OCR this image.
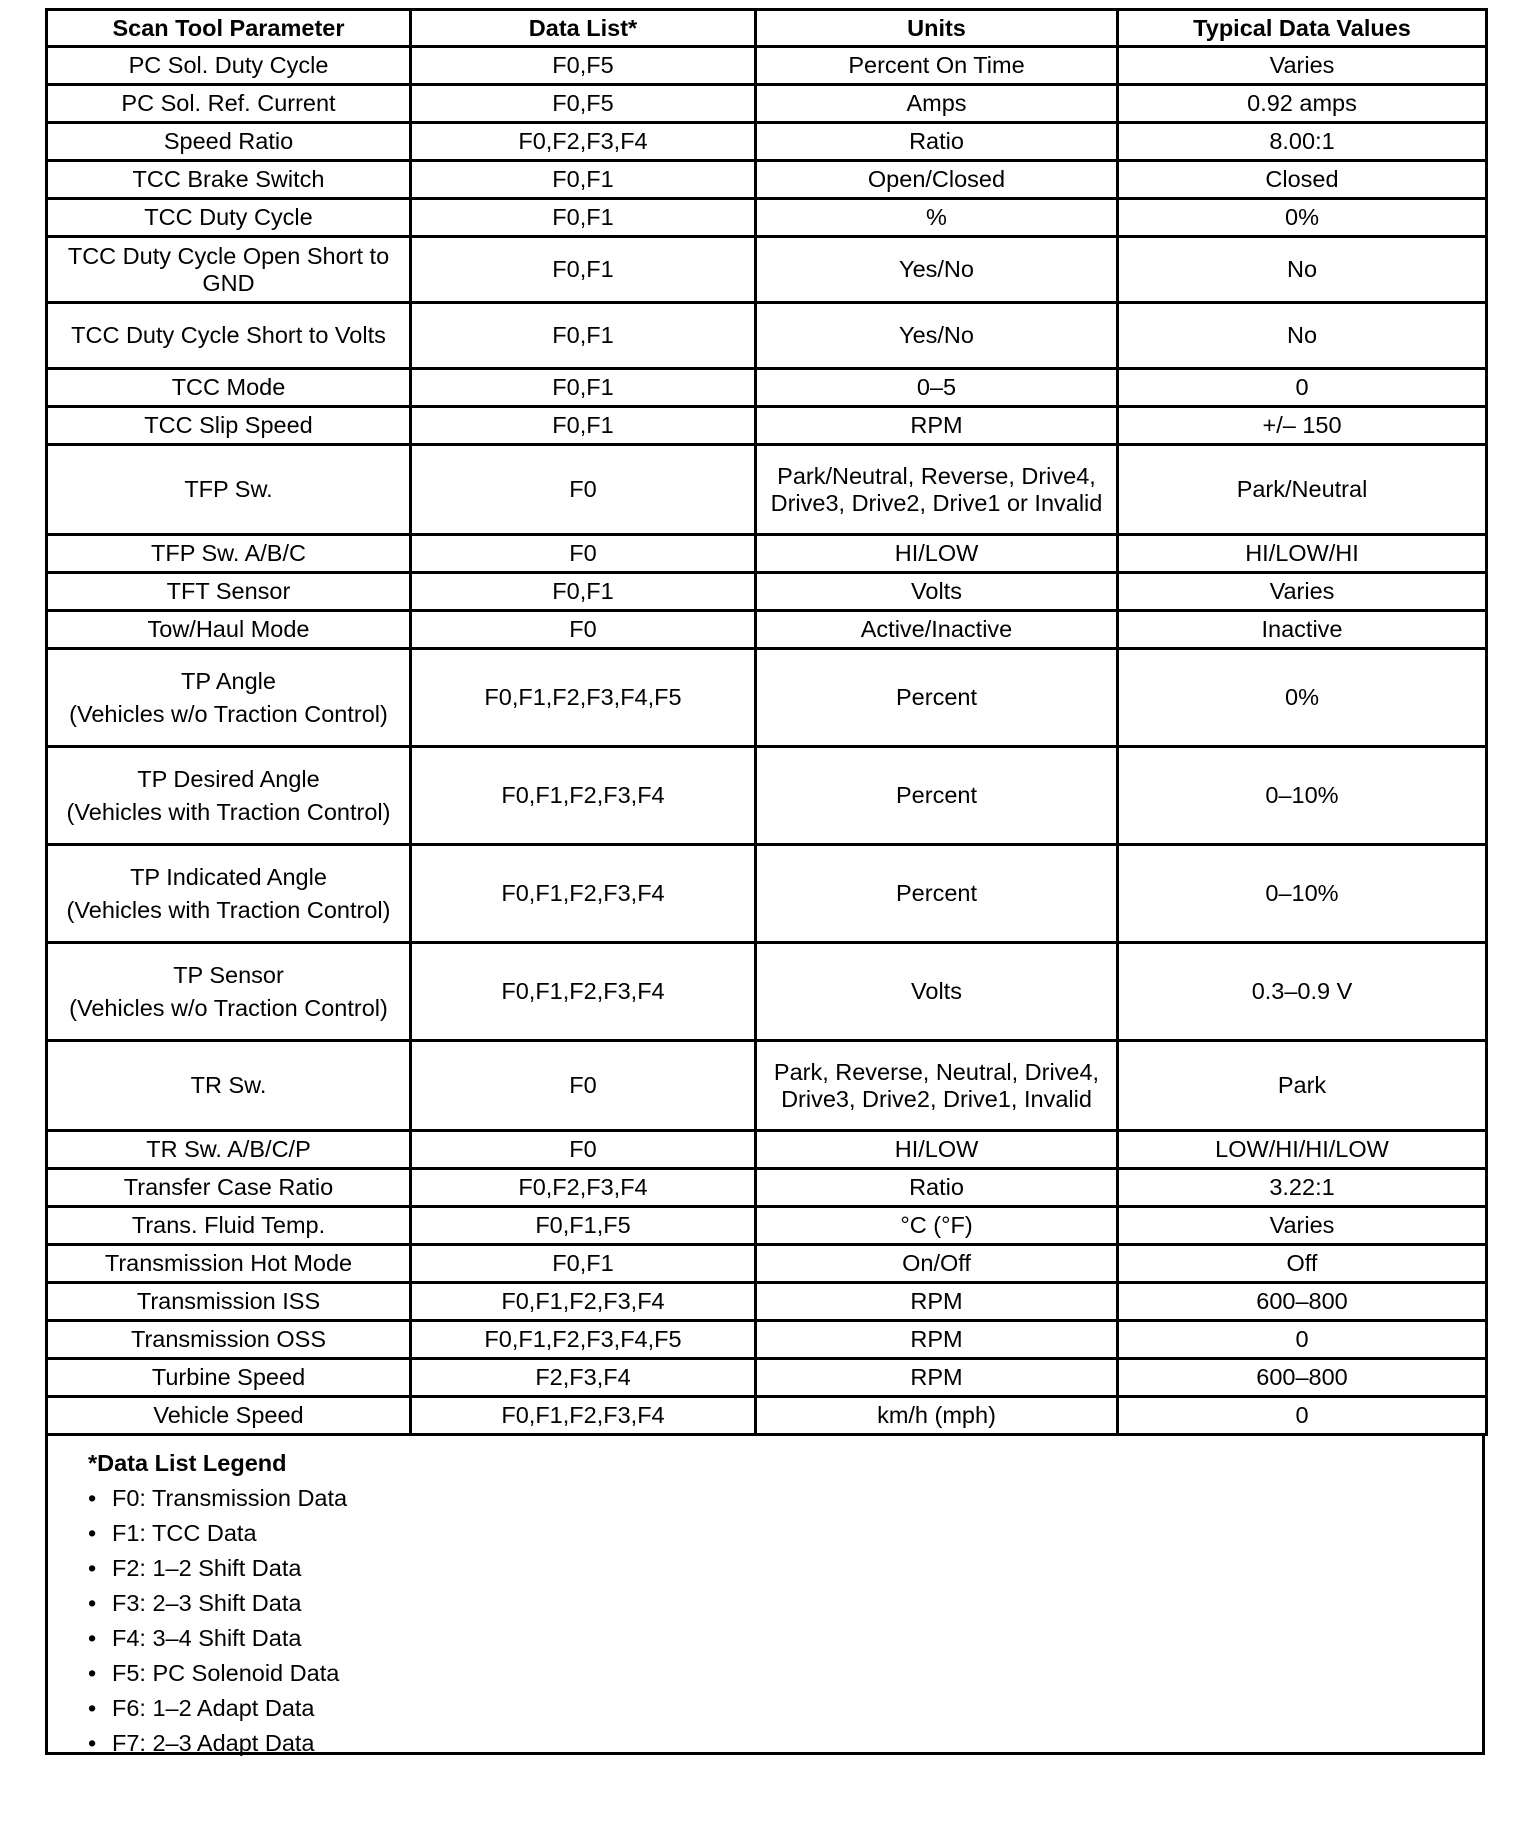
Scan Tool Parameter	Data List*	Units	Typical Data Values
PC Sol. Duty Cycle	F0,F5	Percent On Time	Varies
PC Sol. Ref. Current	F0,F5	Amps	0.92 amps
Speed Ratio	F0,F2,F3,F4	Ratio	8.00:1
TCC Brake Switch	F0,F1	Open/Closed	Closed
TCC Duty Cycle	F0,F1	%	0%
TCC Duty Cycle Open Short to GND	F0,F1	Yes/No	No
TCC Duty Cycle Short to Volts	F0,F1	Yes/No	No
TCC Mode	F0,F1	0–5	0
TCC Slip Speed	F0,F1	RPM	+/– 150
TFP Sw.	F0	Park/Neutral, Reverse, Drive4, Drive3, Drive2, Drive1 or Invalid	Park/Neutral
TFP Sw. A/B/C	F0	HI/LOW	HI/LOW/HI
TFT Sensor	F0,F1	Volts	Varies
Tow/Haul Mode	F0	Active/Inactive	Inactive

TP Angle
(Vehicles w/o Traction Control)	F0,F1,F2,F3,F4,F5	Percent	0%

TP Desired Angle
(Vehicles with Traction Control)	F0,F1,F2,F3,F4	Percent	0–10%

TP Indicated Angle
(Vehicles with Traction Control)	F0,F1,F2,F3,F4	Percent	0–10%

TP Sensor
(Vehicles w/o Traction Control)	F0,F1,F2,F3,F4	Volts	0.3–0.9 V
TR Sw.	F0	Park, Reverse, Neutral, Drive4, Drive3, Drive2, Drive1, Invalid	Park
TR Sw. A/B/C/P	F0	HI/LOW	LOW/HI/HI/LOW
Transfer Case Ratio	F0,F2,F3,F4	Ratio	3.22:1
Trans. Fluid Temp.	F0,F1,F5	°C (°F)	Varies
Transmission Hot Mode	F0,F1	On/Off	Off
Transmission ISS	F0,F1,F2,F3,F4	RPM	600–800
Transmission OSS	F0,F1,F2,F3,F4,F5	RPM	0
Turbine Speed	F2,F3,F4	RPM	600–800
Vehicle Speed	F0,F1,F2,F3,F4	km/h (mph)	0
*Data List Legend
• F0: Transmission Data
• F1: TCC Data
• F2: 1–2 Shift Data
• F3: 2–3 Shift Data
• F4: 3–4 Shift Data
• F5: PC Solenoid Data
• F6: 1–2 Adapt Data
• F7: 2–3 Adapt Data
